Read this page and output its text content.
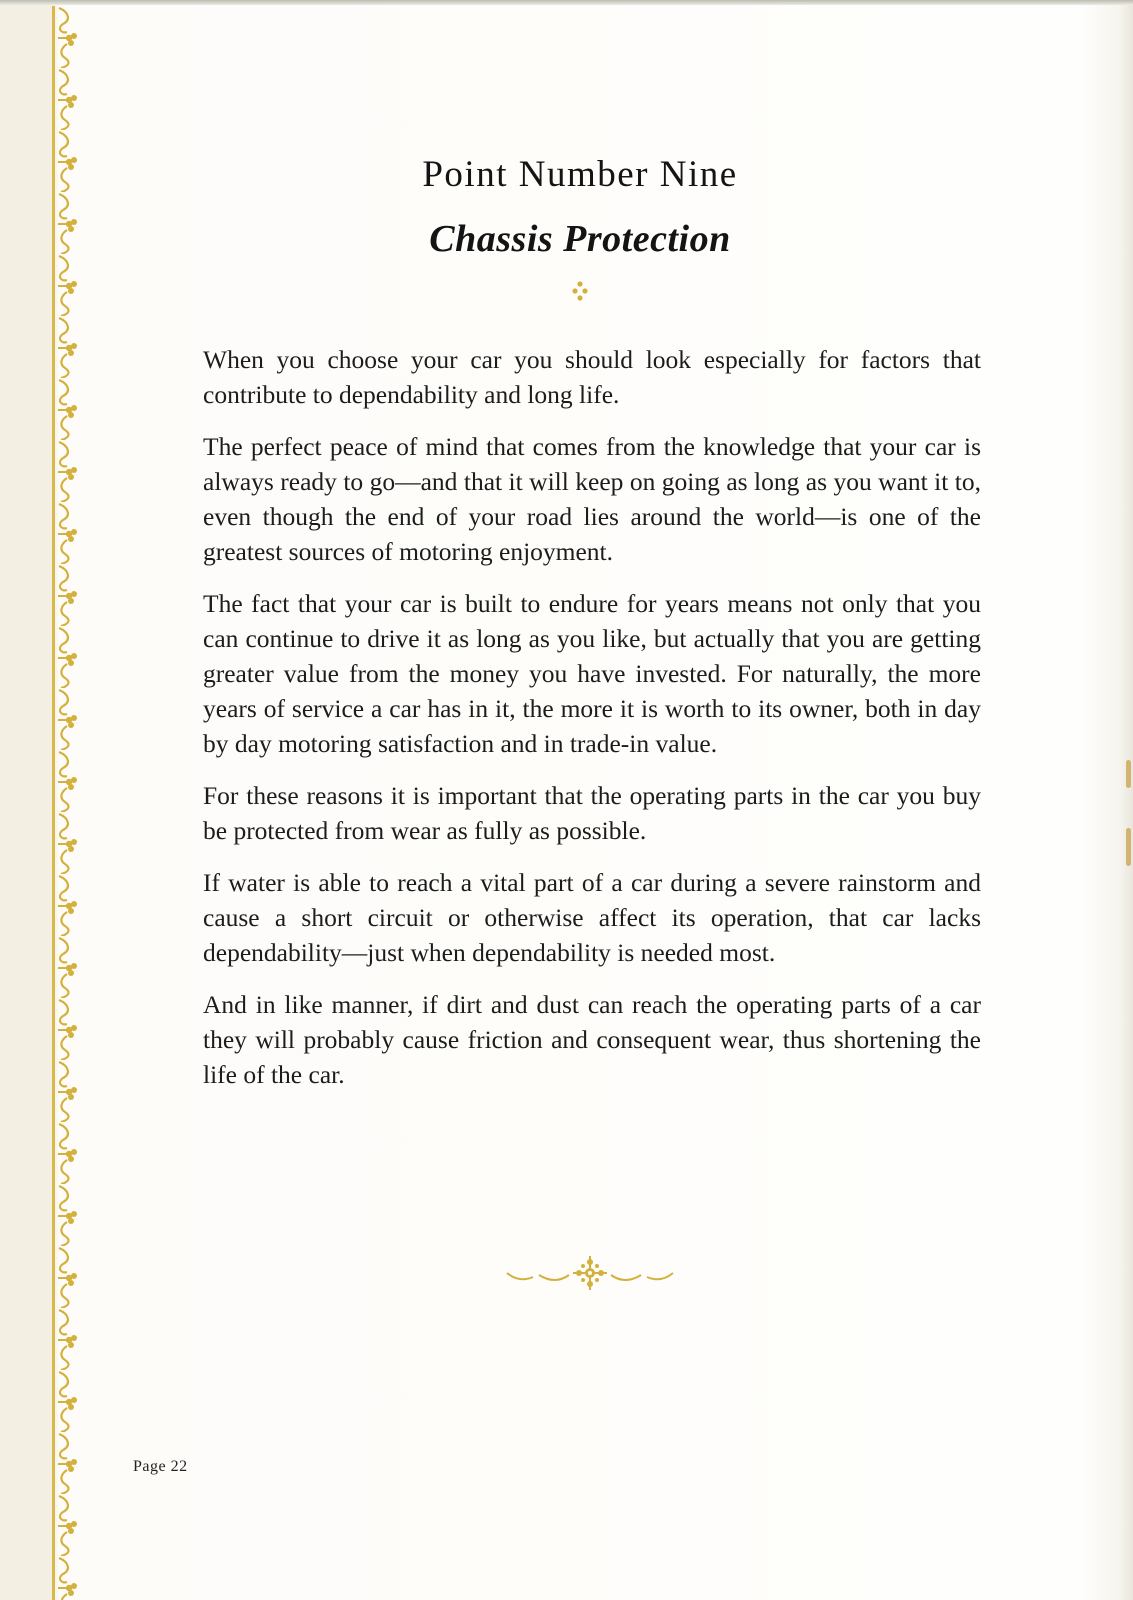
Point Number Nine
Chassis Protection

When you choose your car you should look especially for factors that contribute to dependability and long life.

The perfect peace of mind that comes from the knowledge that your car is always ready to go—and that it will keep on going as long as you want it to, even though the end of your road lies around the world—is one of the greatest sources of motoring enjoyment.

The fact that your car is built to endure for years means not only that you can continue to drive it as long as you like, but actually that you are getting greater value from the money you have invested. For naturally, the more years of service a car has in it, the more it is worth to its owner, both in day by day motoring satisfaction and in trade-in value.

For these reasons it is important that the operating parts in the car you buy be protected from wear as fully as possible.

If water is able to reach a vital part of a car during a severe rainstorm and cause a short circuit or otherwise affect its operation, that car lacks dependability—just when dependability is needed most.

And in like manner, if dirt and dust can reach the operating parts of a car they will probably cause friction and consequent wear, thus shortening the life of the car.

Page 22
